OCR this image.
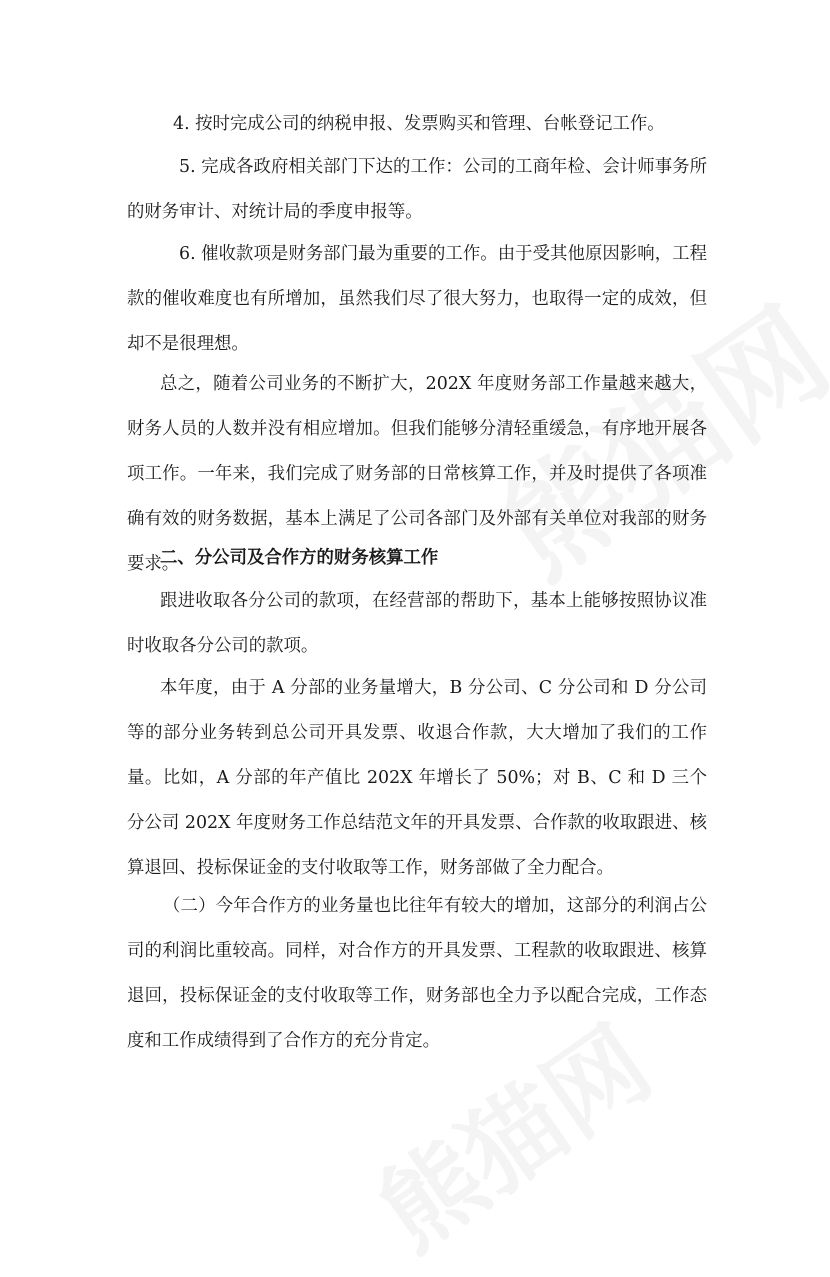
4. 按时完成公司的纳税申报、发票购买和管理、台帐登记工作。

5. 完成各政府相关部门下达的工作：公司的工商年检、会计师事务所的财务审计、对统计局的季度申报等。

6. 催收款项是财务部门最为重要的工作。由于受其他原因影响，工程款的催收难度也有所增加，虽然我们尽了很大努力，也取得一定的成效，但却不是很理想。

总之，随着公司业务的不断扩大，202X 年度财务部工作量越来越大，财务人员的人数并没有相应增加。但我们能够分清轻重缓急，有序地开展各项工作。一年来，我们完成了财务部的日常核算工作，并及时提供了各项准确有效的财务数据，基本上满足了公司各部门及外部有关单位对我部的财务要求。

二、分公司及合作方的财务核算工作

跟进收取各分公司的款项，在经营部的帮助下，基本上能够按照协议准时收取各分公司的款项。

本年度，由于 A 分部的业务量增大，B 分公司、C 分公司和 D 分公司等的部分业务转到总公司开具发票、收退合作款，大大增加了我们的工作量。比如，A 分部的年产值比 202X 年增长了 50%；对 B、C 和 D 三个分公司 202X 年度财务工作总结范文年的开具发票、合作款的收取跟进、核算退回、投标保证金的支付收取等工作，财务部做了全力配合。

（二）今年合作方的业务量也比往年有较大的增加，这部分的利润占公司的利润比重较高。同样，对合作方的开具发票、工程款的收取跟进、核算退回，投标保证金的支付收取等工作，财务部也全力予以配合完成，工作态度和工作成绩得到了合作方的充分肯定。
